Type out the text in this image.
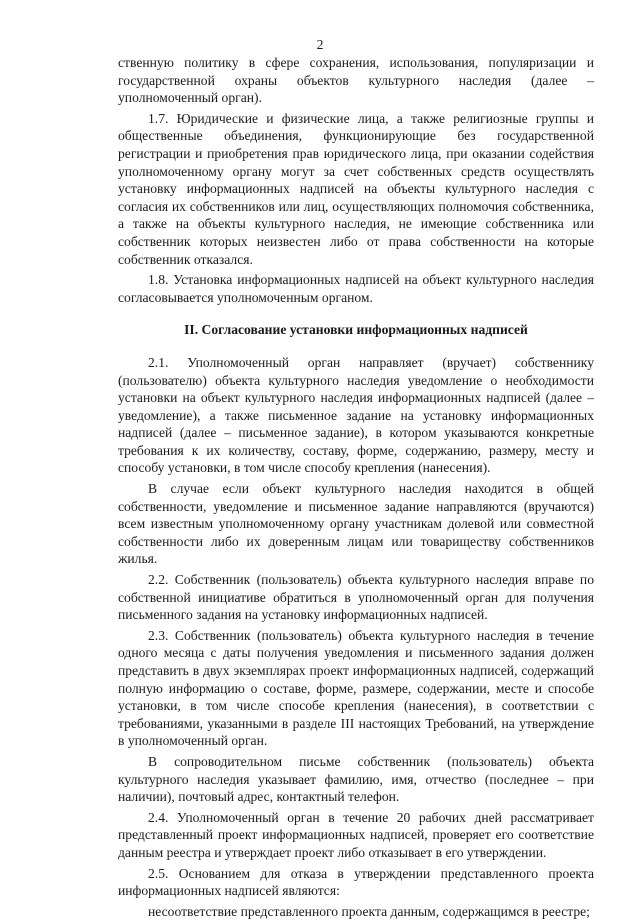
2

ственную политику в сфере сохранения, использования, популяризации и государственной охраны объектов культурного наследия (далее – уполномоченный орган).

1.7. Юридические и физические лица, а также религиозные группы и общественные объединения, функционирующие без государственной регистрации и приобретения прав юридического лица, при оказании содействия уполномоченному органу могут за счет собственных средств осуществлять установку информационных надписей на объекты культурного наследия с согласия их собственников или лиц, осуществляющих полномочия собственника, а также на объекты культурного наследия, не имеющие собственника или собственник которых неизвестен либо от права собственности на которые собственник отказался.

1.8. Установка информационных надписей на объект культурного наследия согласовывается уполномоченным органом.

II. Согласование установки информационных надписей

2.1. Уполномоченный орган направляет (вручает) собственнику (пользователю) объекта культурного наследия уведомление о необходимости установки на объект культурного наследия информационных надписей (далее – уведомление), а также письменное задание на установку информационных надписей (далее – письменное задание), в котором указываются конкретные требования к их количеству, составу, форме, содержанию, размеру, месту и способу установки, в том числе способу крепления (нанесения).

В случае если объект культурного наследия находится в общей собственности, уведомление и письменное задание направляются (вручаются) всем известным уполномоченному органу участникам долевой или совместной собственности либо их доверенным лицам или товариществу собственников жилья.

2.2. Собственник (пользователь) объекта культурного наследия вправе по собственной инициативе обратиться в уполномоченный орган для получения письменного задания на установку информационных надписей.

2.3. Собственник (пользователь) объекта культурного наследия в течение одного месяца с даты получения уведомления и письменного задания должен представить в двух экземплярах проект информационных надписей, содержащий полную информацию о составе, форме, размере, содержании, месте и способе установки, в том числе способе крепления (нанесения), в соответствии с требованиями, указанными в разделе III настоящих Требований, на утверждение в уполномоченный орган.

В сопроводительном письме собственник (пользователь) объекта культурного наследия указывает фамилию, имя, отчество (последнее – при наличии), почтовый адрес, контактный телефон.

2.4. Уполномоченный орган в течение 20 рабочих дней рассматривает представленный проект информационных надписей, проверяет его соответствие данным реестра и утверждает проект либо отказывает в его утверждении.

2.5. Основанием для отказа в утверждении представленного проекта информационных надписей являются:

несоответствие представленного проекта данным, содержащимся в реестре;
